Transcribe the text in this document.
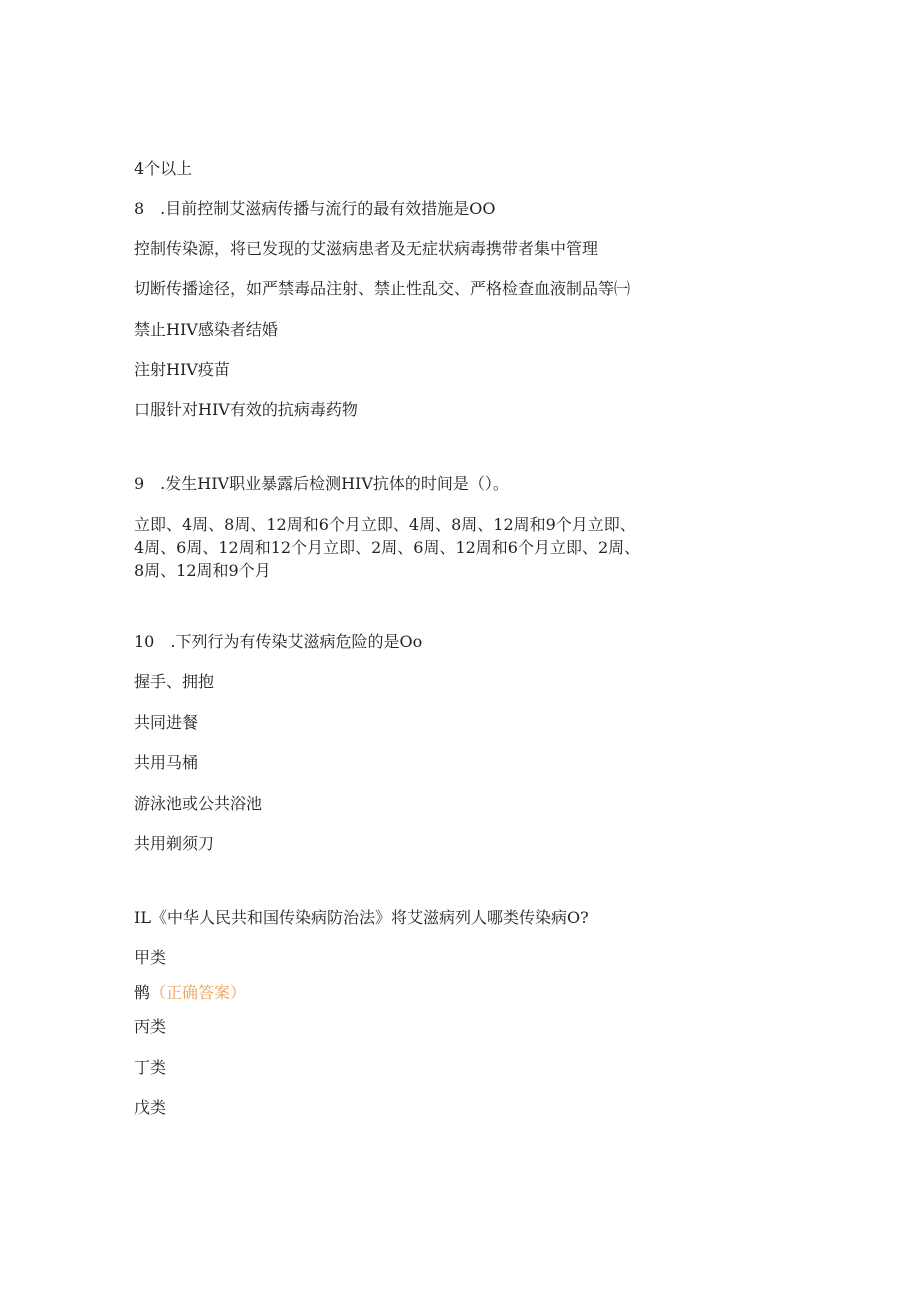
4个以上
8　.目前控制艾滋病传播与流行的最有效措施是OO
控制传染源，将已发现的艾滋病患者及无症状病毒携带者集中管理
切断传播途径，如严禁毒品注射、禁止性乱交、严格检查血液制品等㈠
禁止HIV感染者结婚
注射HIV疫苗
口服针对HIV有效的抗病毒药物
9　.发生HIV职业暴露后检测HIV抗体的时间是（）。
立即、4周、8周、12周和6个月立即、4周、8周、12周和9个月立即、
4周、6周、12周和12个月立即、2周、6周、12周和6个月立即、2周、
8周、12周和9个月
10　.下列行为有传染艾滋病危险的是Oo
握手、拥抱
共同进餐
共用马桶
游泳池或公共浴池
共用剃须刀
IL《中华人民共和国传染病防治法》将艾滋病列人哪类传染病O?
甲类
鹘（正确答案）
丙类
丁类
戊类
